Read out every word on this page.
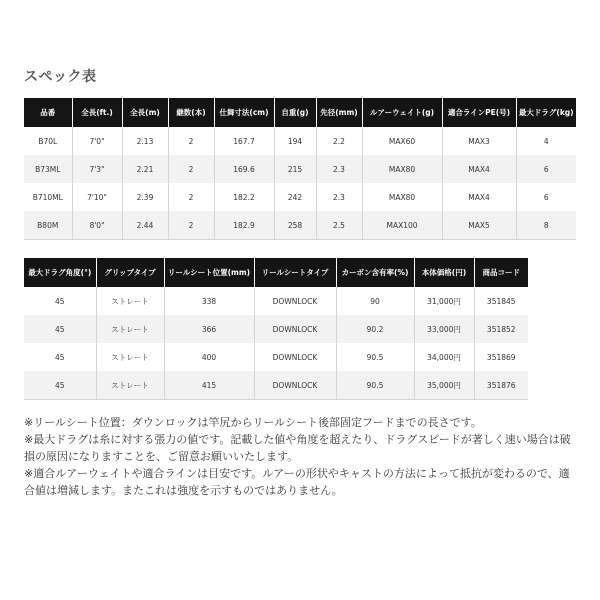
スペック表
品番	全長(ft.)	全長(m)	継数(本)	仕舞寸法(cm)	自重(g)	先径(mm)	ルアーウェイト(g)	適合ラインPE(号)	最大ドラグ(kg)
B70L	7'0"	2.13	2	167.7	194	2.2	MAX60	MAX3	4
B73ML	7'3"	2.21	2	169.6	215	2.3	MAX80	MAX4	6
B710ML	7'10"	2.39	2	182.2	242	2.3	MAX80	MAX4	6
B80M	8'0"	2.44	2	182.9	258	2.5	MAX100	MAX5	8
最大ドラグ角度(°)	グリップタイプ	リールシート位置(mm)	リールシートタイプ	カーボン含有率(%)	本体価格(円)	商品コード
45	ストレート	338	DOWNLOCK	90	31,000円	351845
45	ストレート	366	DOWNLOCK	90.2	33,000円	351852
45	ストレート	400	DOWNLOCK	90.5	34,000円	351869
45	ストレート	415	DOWNLOCK	90.5	35,000円	351876

※リールシート位置：ダウンロックは竿尻からリールシート後部固定フードまでの長さです。

※最大ドラグは糸に対する張力の値です。記載した値や角度を超えたり、ドラグスピードが著しく速い場合は破損の原因になりますことを、ご留意お願いいたします。

※適合ルアーウェイトや適合ラインは目安です。ルアーの形状やキャストの方法によって抵抗が変わるので、適合値は増減します。またこれは強度を示すものではありません。
